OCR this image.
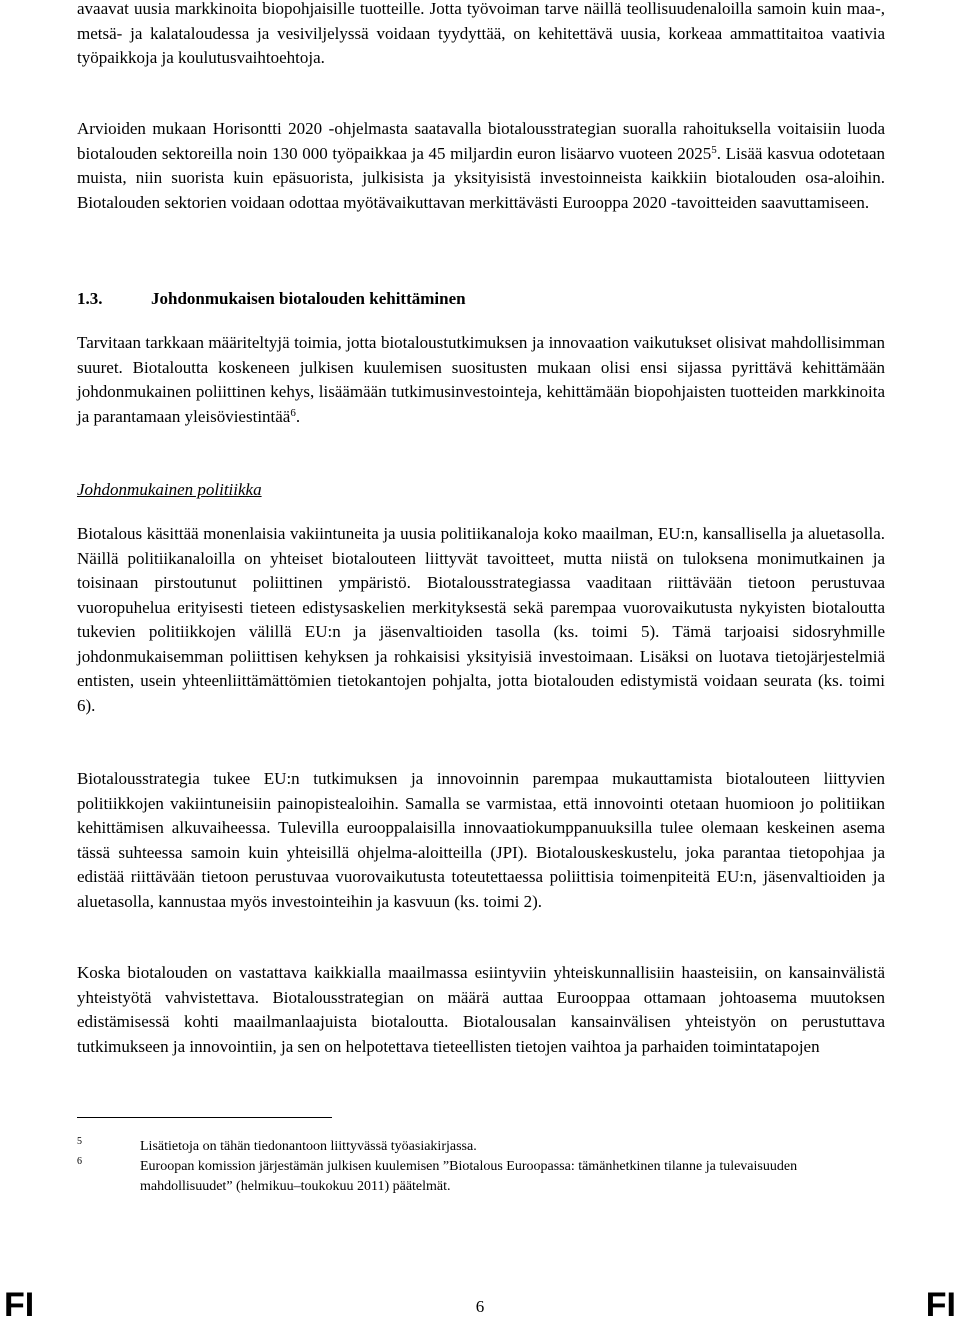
avaavat uusia markkinoita biopohjaisille tuotteille. Jotta työvoiman tarve näillä teollisuudenaloilla samoin kuin maa-, metsä- ja kalataloudessa ja vesiviljelyssä voidaan tyydyttää, on kehitettävä uusia, korkeaa ammattitaitoa vaativia työpaikkoja ja koulutusvaihtoehtoja.

Arvioiden mukaan Horisontti 2020 -ohjelmasta saatavalla biotalousstrategian suoralla rahoituksella voitaisiin luoda biotalouden sektoreilla noin 130 000 työpaikkaa ja 45 miljardin euron lisäarvo vuoteen 2025$^5$. Lisää kasvua odotetaan muista, niin suorista kuin epäsuorista, julkisista ja yksityisistä investoinneista kaikkiin biotalouden osa-aloihin. Biotalouden sektorien voidaan odottaa myötävaikuttavan merkittävästi Eurooppa 2020 -tavoitteiden saavuttamiseen.

1.3.	Johdonmukaisen biotalouden kehittäminen

Tarvitaan tarkkaan määriteltyjä toimia, jotta biotaloustutkimuksen ja innovaation vaikutukset olisivat mahdollisimman suuret. Biotaloutta koskeneen julkisen kuulemisen suositusten mukaan olisi ensi sijassa pyrittävä kehittämään johdonmukainen poliittinen kehys, lisäämään tutkimusinvestointeja, kehittämään biopohjaisten tuotteiden markkinoita ja parantamaan yleisöviestintää$^6$.

Johdonmukainen politiikka

Biotalous käsittää monenlaisia vakiintuneita ja uusia politiikanaloja koko maailman, EU:n, kansallisella ja aluetasolla. Näillä politiikanaloilla on yhteiset biotalouteen liittyvät tavoitteet, mutta niistä on tuloksena monimutkainen ja toisinaan pirstoutunut poliittinen ympäristö. Biotalousstrategiassa vaaditaan riittävään tietoon perustuvaa vuoropuhelua erityisesti tieteen edistysaskelien merkityksestä sekä parempaa vuorovaikutusta nykyisten biotaloutta tukevien politiikkojen välillä EU:n ja jäsenvaltioiden tasolla (ks. toimi 5). Tämä tarjoaisi sidosryhmille johdonmukaisemman poliittisen kehyksen ja rohkaisisi yksityisiä investoimaan. Lisäksi on luotava tietojärjestelmiä entisten, usein yhteenliittämättömien tietokantojen pohjalta, jotta biotalouden edistymistä voidaan seurata (ks. toimi 6).

Biotalousstrategia tukee EU:n tutkimuksen ja innovoinnin parempaa mukauttamista biotalouteen liittyvien politiikkojen vakiintuneisiin painopistealoihin. Samalla se varmistaa, että innovointi otetaan huomioon jo politiikan kehittämisen alkuvaiheessa. Tulevilla eurooppalaisilla innovaatiokumppanuuksilla tulee olemaan keskeinen asema tässä suhteessa samoin kuin yhteisillä ohjelma-aloitteilla (JPI). Biotalouskeskustelu, joka parantaa tietopohjaa ja edistää riittävään tietoon perustuvaa vuorovaikutusta toteutettaessa poliittisia toimenpiteitä EU:n, jäsenvaltioiden ja aluetasolla, kannustaa myös investointeihin ja kasvuun (ks. toimi 2).

Koska biotalouden on vastattava kaikkialla maailmassa esiintyviin yhteiskunnallisiin haasteisiin, on kansainvälistä yhteistyötä vahvistettava. Biotalousstrategian on määrä auttaa Eurooppaa ottamaan johtoasema muutoksen edistämisessä kohti maailmanlaajuista biotaloutta. Biotalousalan kansainvälisen yhteistyön on perustuttava tutkimukseen ja innovointiin, ja sen on helpotettava tieteellisten tietojen vaihtoa ja parhaiden toimintatapojen

5	Lisätietoja on tähän tiedonantoon liittyvässä työasiakirjassa.
6	Euroopan komission järjestämän julkisen kuulemisen ”Biotalous Euroopassa: tämänhetkinen tilanne ja tulevaisuuden mahdollisuudet” (helmikuu–toukokuu 2011) päätelmät.
FI	6	FI
